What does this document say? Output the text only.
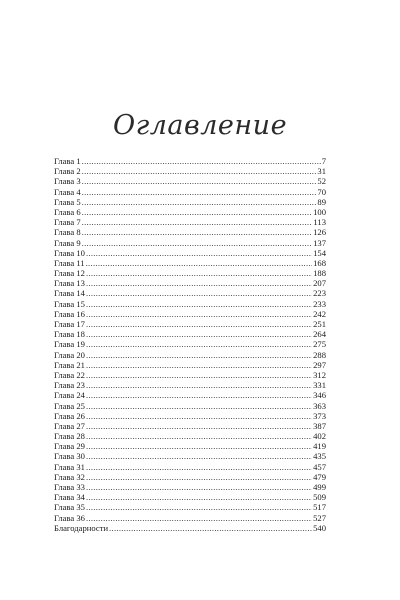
Оглавление
Глава 1 .....	7
Глава 2 .....	31
Глава 3 .....	52
Глава 4 .....	70
Глава 5 .....	89
Глава 6 .....	100
Глава 7 .....	113
Глава 8 .....	126
Глава 9 .....	137
Глава 10 .....	154
Глава 11 .....	168
Глава 12 .....	188
Глава 13 .....	207
Глава 14 .....	223
Глава 15 .....	233
Глава 16 .....	242
Глава 17 .....	251
Глава 18 .....	264
Глава 19 .....	275
Глава 20 .....	288
Глава 21 .....	297
Глава 22 .....	312
Глава 23 .....	331
Глава 24 .....	346
Глава 25 .....	363
Глава 26 .....	373
Глава 27 .....	387
Глава 28 .....	402
Глава 29 .....	419
Глава 30 .....	435
Глава 31 .....	457
Глава 32 .....	479
Глава 33 .....	499
Глава 34 .....	509
Глава 35 .....	517
Глава 36 .....	527
Благодарности .....	540
